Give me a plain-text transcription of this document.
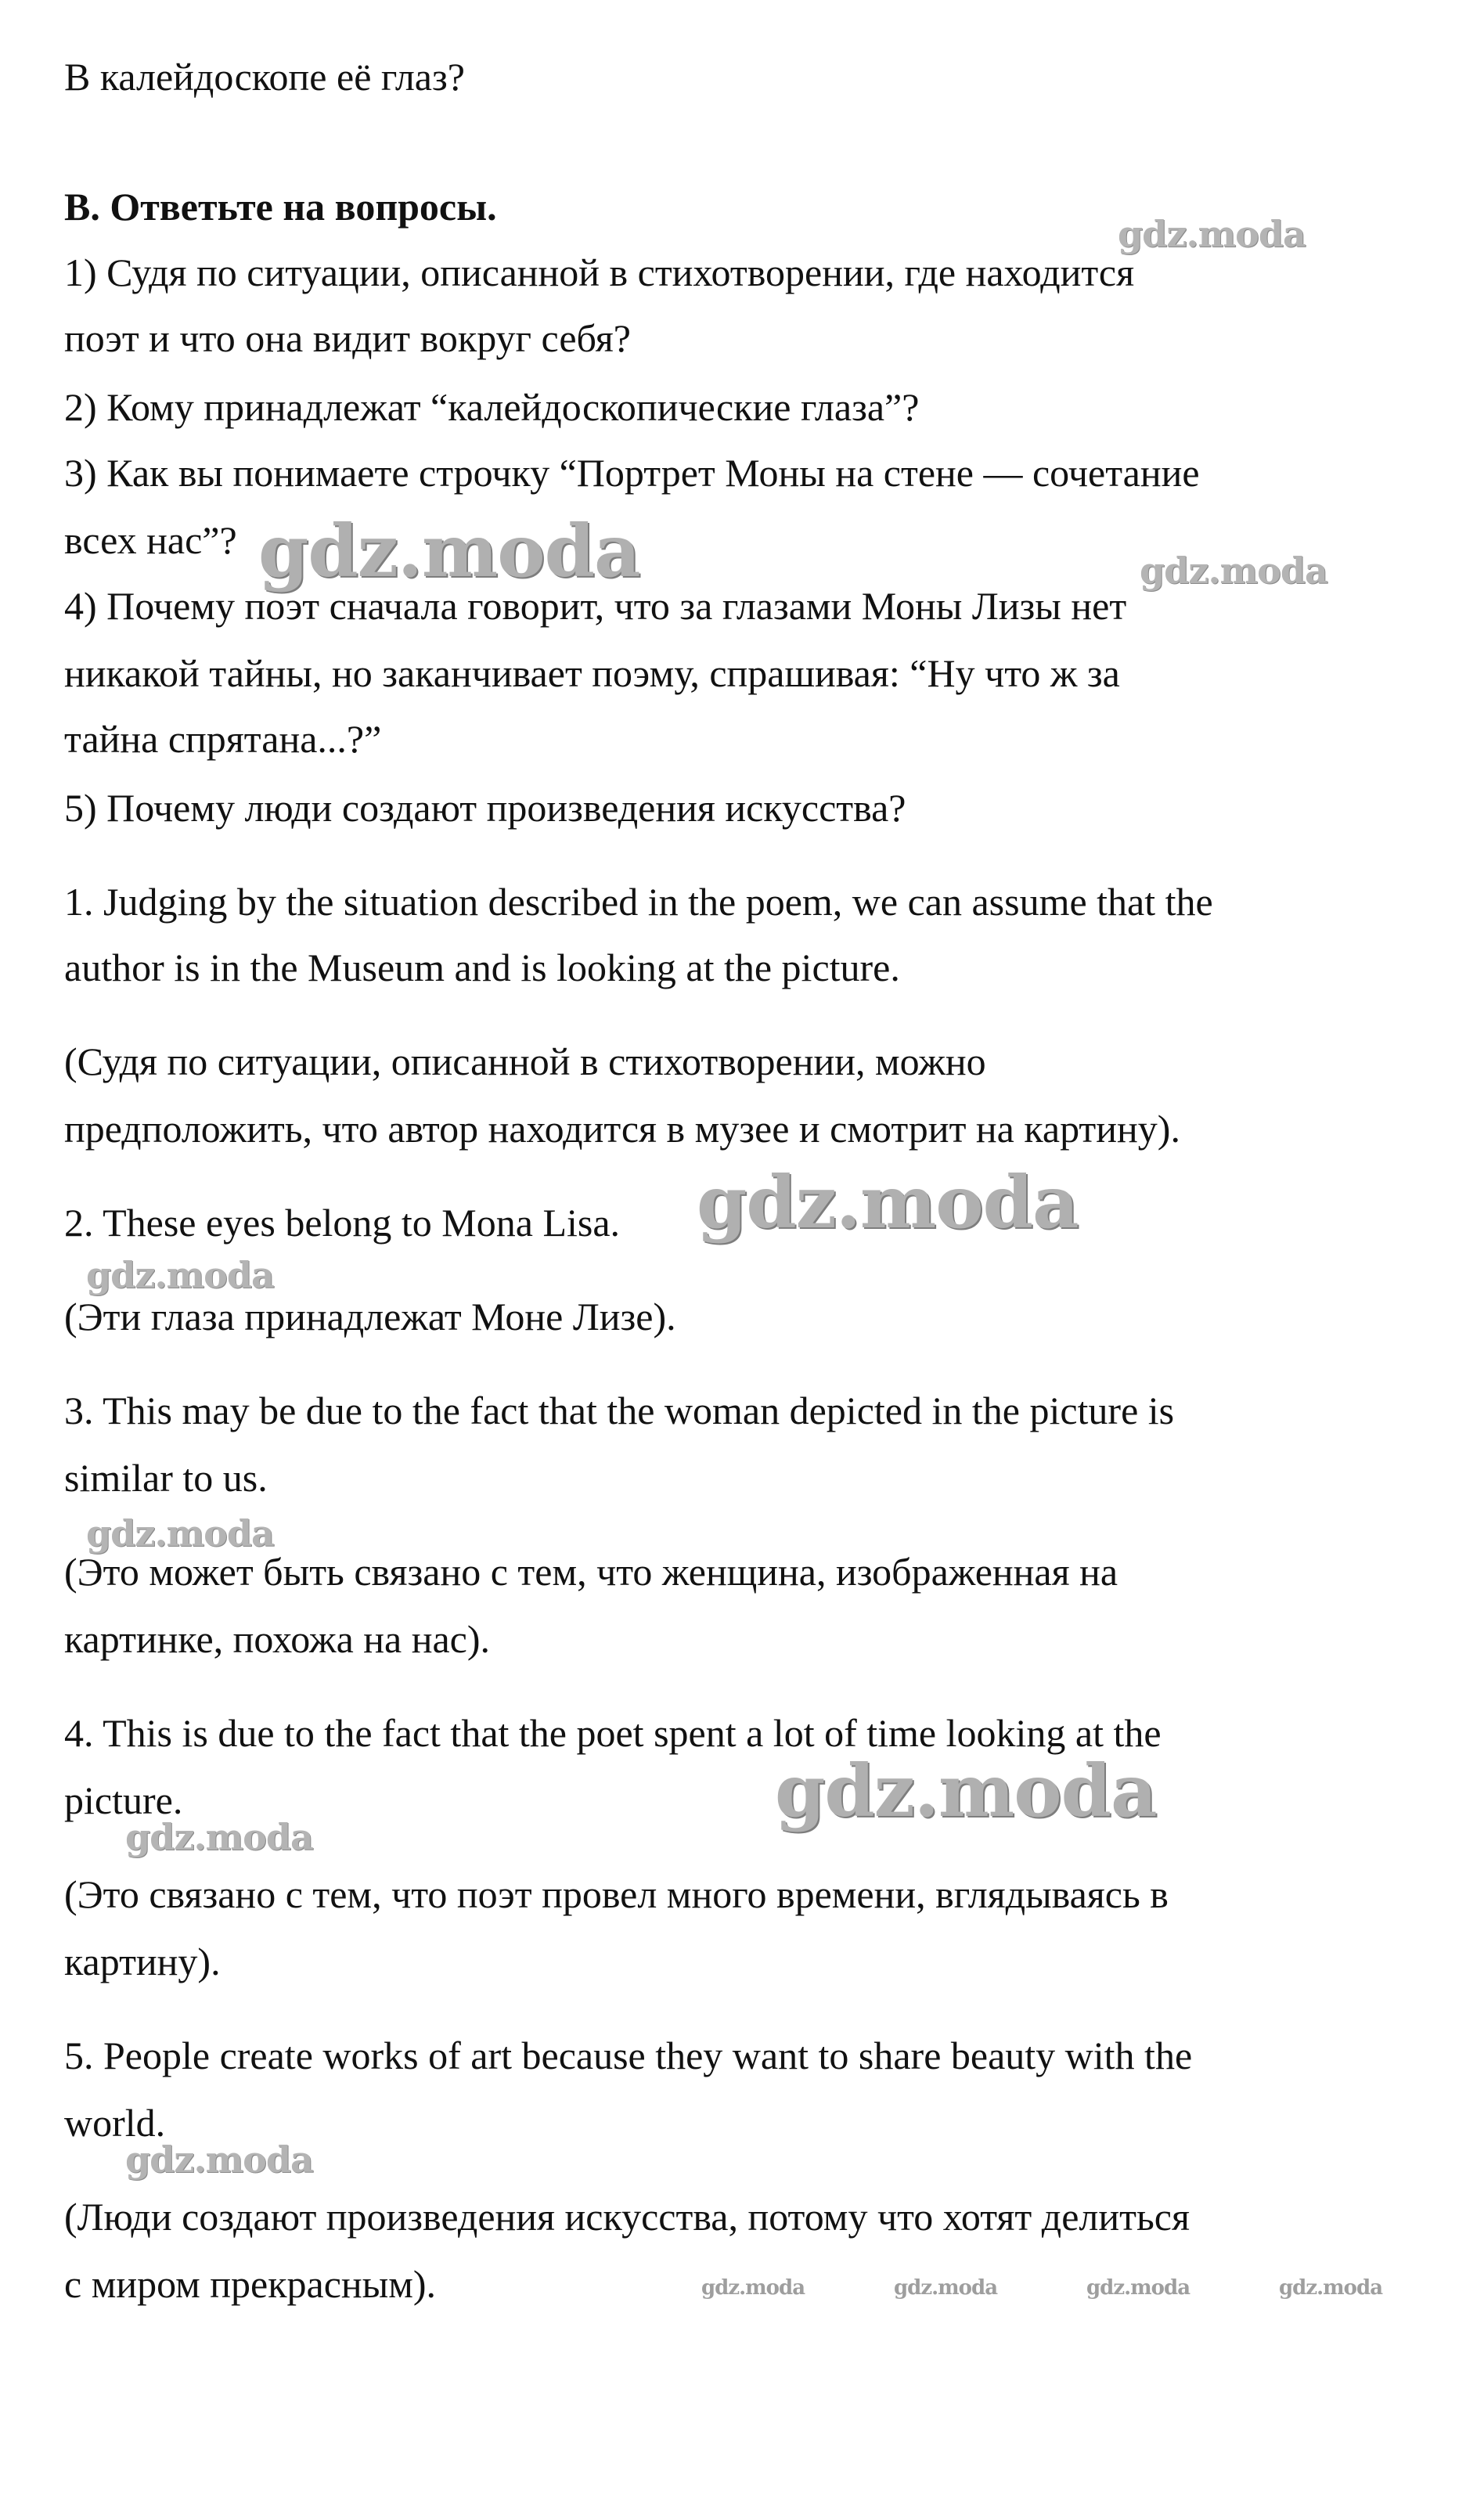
В калейдоскопе её глаз?

B. Ответьте на вопросы.

1) Судя по ситуации, описанной в стихотворении, где находится

поэт и что она видит вокруг себя?

2) Кому принадлежат “калейдоскопические глаза”?

3) Как вы понимаете строчку “Портрет Моны на стене — сочетание

всех нас”?

4) Почему поэт сначала говорит, что за глазами Моны Лизы нет

никакой тайны, но заканчивает поэму, спрашивая: “Ну что ж за

тайна спрятана...?”

5) Почему люди создают произведения искусства?

1. Judging by the situation described in the poem, we can assume that the

author is in the Museum and is looking at the picture.

(Судя по ситуации, описанной в стихотворении, можно

предположить, что автор находится в музее и смотрит на картину).

2. These eyes belong to Mona Lisa.

(Эти глаза принадлежат Моне Лизе).

3. This may be due to the fact that the woman depicted in the picture is

similar to us.

(Это может быть связано с тем, что женщина, изображенная на

картинке, похожа на нас).

4. This is due to the fact that the poet spent a lot of time looking at the

picture.

(Это связано с тем, что поэт провел много времени, вглядываясь в

картину).

5. People create works of art because they want to share beauty with the

world.

(Люди создают произведения искусства, потому что хотят делиться

с миром прекрасным).

gdz.moda
gdz.moda	gdz.moda
gdz.moda
gdz.moda
gdz.moda
gdz.moda
gdz.moda
gdz.moda
gdz.moda	gdz.moda	gdz.moda	gdz.moda
